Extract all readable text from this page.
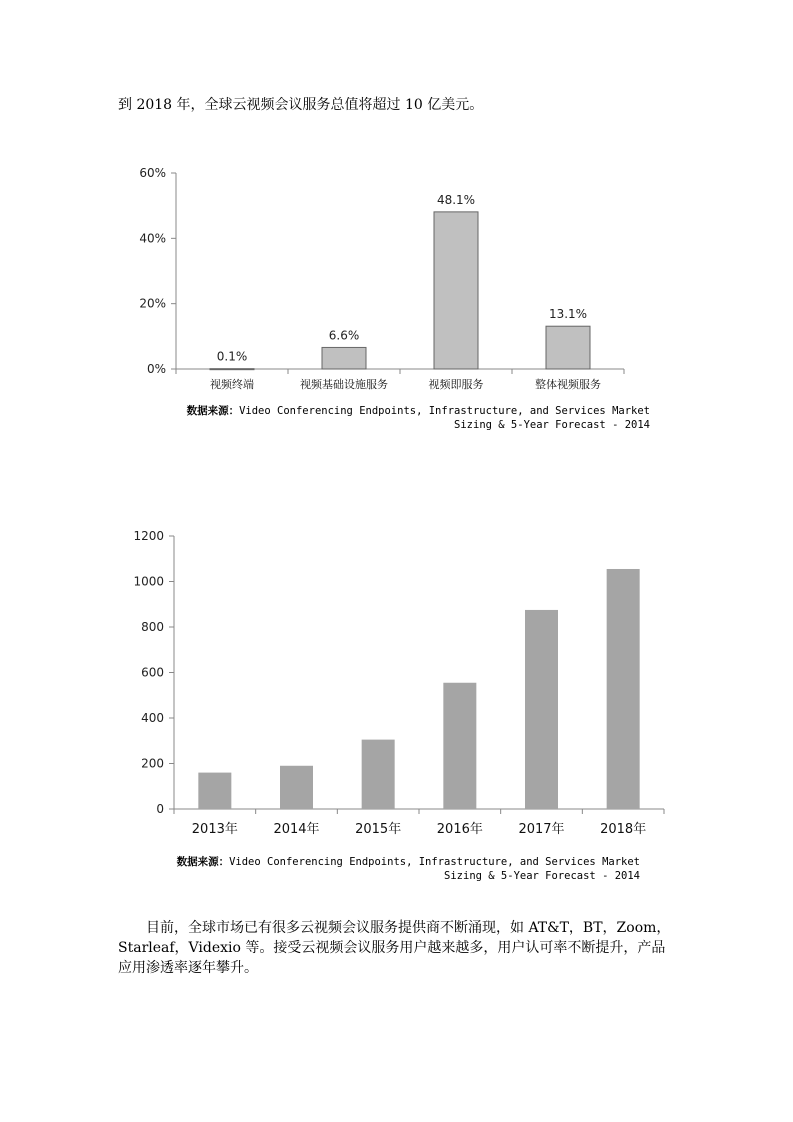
到 2018 年，全球云视频会议服务总值将超过 10 亿美元。

0%
20%
40%
60%
0.1%
视频终端
6.6%
视频基础设施服务
48.1%
视频即服务
13.1%
整体视频服务
数据来源：Video Conferencing Endpoints, Infrastructure, and Services Market
Sizing & 5-Year Forecast - 2014
0
200
400
600
800
1000
1200
2013年	2014年	2015年	2016年	2017年	2018年
数据来源：Video Conferencing Endpoints, Infrastructure, and Services Market
Sizing & 5-Year Forecast - 2014

目前，全球市场已有很多云视频会议服务提供商不断涌现，如 AT&T，BT，Zoom，Starleaf，Videxio 等。接受云视频会议服务用户越来越多，用户认可率不断提升，产品应用渗透率逐年攀升。
